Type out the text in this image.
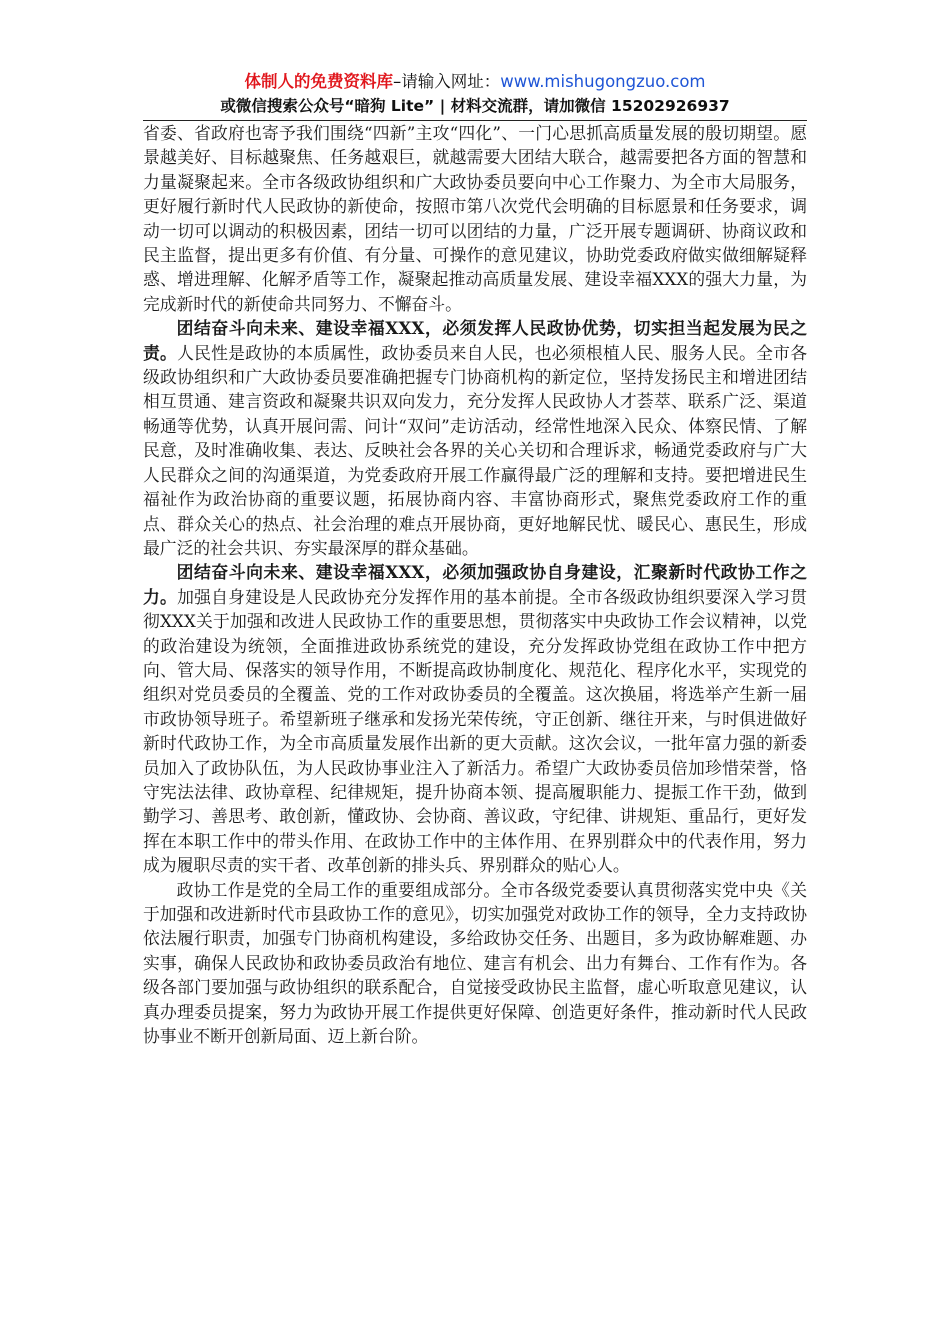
体制人的免费资料库–请输入网址：www.mishugongzuo.com
或微信搜索公众号“暗狗 Lite” | 材料交流群，请加微信 15202926937

省委、省政府也寄予我们围绕“四新”主攻“四化”、一门心思抓高质量发展的殷切期望。愿景越美好、目标越聚焦、任务越艰巨，就越需要大团结大联合，越需要把各方面的智慧和力量凝聚起来。全市各级政协组织和广大政协委员要向中心工作聚力、为全市大局服务，更好履行新时代人民政协的新使命，按照市第八次党代会明确的目标愿景和任务要求，调动一切可以调动的积极因素，团结一切可以团结的力量，广泛开展专题调研、协商议政和民主监督，提出更多有价值、有分量、可操作的意见建议，协助党委政府做实做细解疑释惑、增进理解、化解矛盾等工作，凝聚起推动高质量发展、建设幸福XXX的强大力量，为完成新时代的新使命共同努力、不懈奋斗。

团结奋斗向未来、建设幸福XXX，必须发挥人民政协优势，切实担当起发展为民之责。人民性是政协的本质属性，政协委员来自人民，也必须根植人民、服务人民。全市各级政协组织和广大政协委员要准确把握专门协商机构的新定位，坚持发扬民主和增进团结相互贯通、建言资政和凝聚共识双向发力，充分发挥人民政协人才荟萃、联系广泛、渠道畅通等优势，认真开展问需、问计“双问”走访活动，经常性地深入民众、体察民情、了解民意，及时准确收集、表达、反映社会各界的关心关切和合理诉求，畅通党委政府与广大人民群众之间的沟通渠道，为党委政府开展工作赢得最广泛的理解和支持。要把增进民生福祉作为政治协商的重要议题，拓展协商内容、丰富协商形式，聚焦党委政府工作的重点、群众关心的热点、社会治理的难点开展协商，更好地解民忧、暖民心、惠民生，形成最广泛的社会共识、夯实最深厚的群众基础。

团结奋斗向未来、建设幸福XXX，必须加强政协自身建设，汇聚新时代政协工作之力。加强自身建设是人民政协充分发挥作用的基本前提。全市各级政协组织要深入学习贯彻XXX关于加强和改进人民政协工作的重要思想，贯彻落实中央政协工作会议精神，以党的政治建设为统领，全面推进政协系统党的建设，充分发挥政协党组在政协工作中把方向、管大局、保落实的领导作用，不断提高政协制度化、规范化、程序化水平，实现党的组织对党员委员的全覆盖、党的工作对政协委员的全覆盖。这次换届，将选举产生新一届市政协领导班子。希望新班子继承和发扬光荣传统，守正创新、继往开来，与时俱进做好新时代政协工作，为全市高质量发展作出新的更大贡献。这次会议，一批年富力强的新委员加入了政协队伍，为人民政协事业注入了新活力。希望广大政协委员倍加珍惜荣誉，恪守宪法法律、政协章程、纪律规矩，提升协商本领、提高履职能力、提振工作干劲，做到勤学习、善思考、敢创新，懂政协、会协商、善议政，守纪律、讲规矩、重品行，更好发挥在本职工作中的带头作用、在政协工作中的主体作用、在界别群众中的代表作用，努力成为履职尽责的实干者、改革创新的排头兵、界别群众的贴心人。

政协工作是党的全局工作的重要组成部分。全市各级党委要认真贯彻落实党中央《关于加强和改进新时代市县政协工作的意见》，切实加强党对政协工作的领导，全力支持政协依法履行职责，加强专门协商机构建设，多给政协交任务、出题目，多为政协解难题、办实事，确保人民政协和政协委员政治有地位、建言有机会、出力有舞台、工作有作为。各级各部门要加强与政协组织的联系配合，自觉接受政协民主监督，虚心听取意见建议，认真办理委员提案，努力为政协开展工作提供更好保障、创造更好条件，推动新时代人民政协事业不断开创新局面、迈上新台阶。
